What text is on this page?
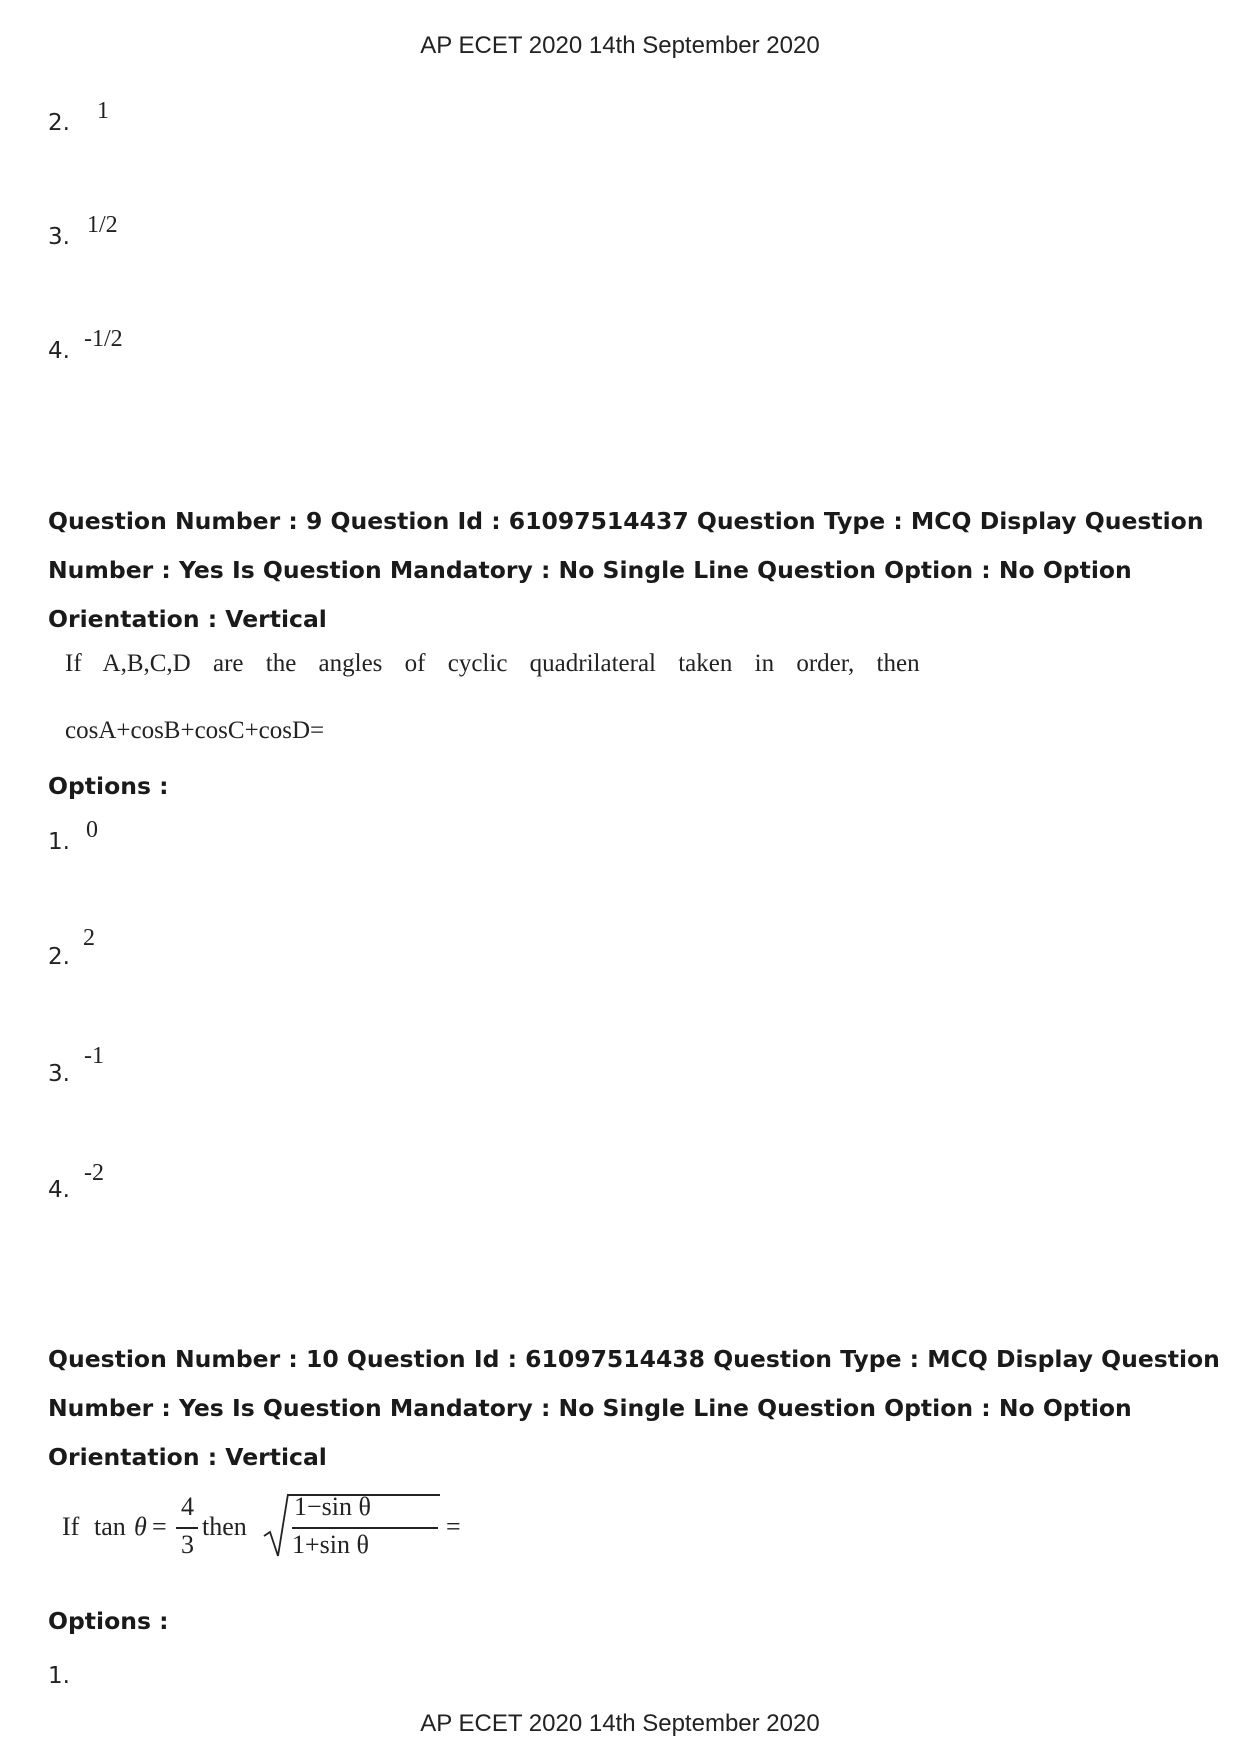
AP ECET 2020 14th September 2020
2. 1
3. 1/2
4. -1/2
Question Number : 9 Question Id : 61097514437 Question Type : MCQ Display Question
Number : Yes Is Question Mandatory : No Single Line Question Option : No Option
Orientation : Vertical
If A,B,C,D are the angles of cyclic quadrilateral taken in order, then
cosA+cosB+cosC+cosD=
Options :
1. 0
2.
2
3.
-1
4.
-2
Question Number : 10 Question Id : 61097514438 Question Type : MCQ Display Question
Number : Yes Is Question Mandatory : No Single Line Question Option : No Option
Orientation : Vertical
If tan θ =
4
3
then
1−sin θ
1+sin θ
=
Options :
1.
AP ECET 2020 14th September 2020
